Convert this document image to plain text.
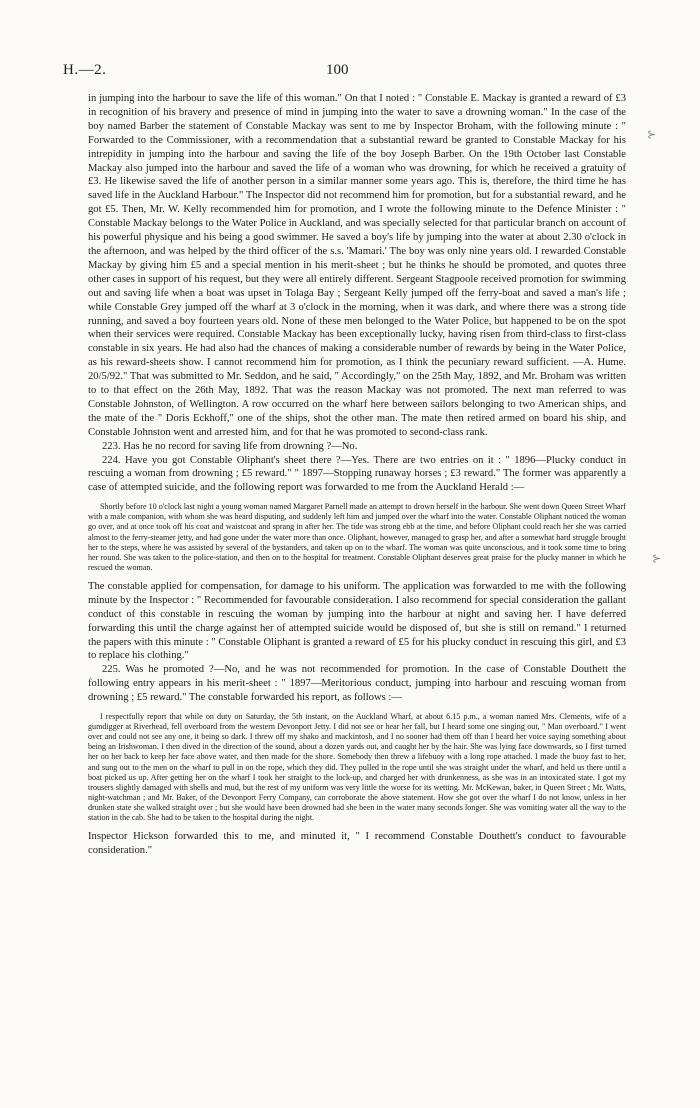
H.—2.	100
⊱
⊱

in jumping into the harbour to save the life of this woman." On that I noted : " Constable E. Mackay is granted a reward of £3 in recognition of his bravery and presence of mind in jumping into the water to save a drowning woman." In the case of the boy named Barber the statement of Constable Mackay was sent to me by Inspector Broham, with the following minute : " Forwarded to the Commissioner, with a recommendation that a substantial reward be granted to Constable Mackay for his intrepidity in jumping into the harbour and saving the life of the boy Joseph Barber. On the 19th October last Constable Mackay also jumped into the harbour and saved the life of a woman who was drowning, for which he received a gratuity of £3. He likewise saved the life of another person in a similar manner some years ago. This is, therefore, the third time he has saved life in the Auckland Harbour." The Inspector did not recommend him for promotion, but for a substantial reward, and he got £5. Then, Mr. W. Kelly recommended him for promotion, and I wrote the following minute to the Defence Minister : " Constable Mackay belongs to the Water Police in Auckland, and was specially selected for that particular branch on account of his powerful physique and his being a good swimmer. He saved a boy's life by jumping into the water at about 2.30 o'clock in the afternoon, and was helped by the third officer of the s.s. 'Mamari.' The boy was only nine years old. I rewarded Constable Mackay by giving him £5 and a special mention in his merit-sheet ; but he thinks he should be promoted, and quotes three other cases in support of his request, but they were all entirely different. Sergeant Stagpoole received promotion for swimming out and saving life when a boat was upset in Tolaga Bay ; Sergeant Kelly jumped off the ferry-boat and saved a man's life ; while Constable Grey jumped off the wharf at 3 o'clock in the morning, when it was dark, and where there was a strong tide running, and saved a boy fourteen years old. None of these men belonged to the Water Police, but happened to be on the spot when their services were required. Constable Mackay has been exceptionally lucky, having risen from third-class to first-class constable in six years. He had also had the chances of making a considerable number of rewards by being in the Water Police, as his reward-sheets show. I cannot recommend him for promotion, as I think the pecuniary reward sufficient. —A. Hume. 20/5/92." That was submitted to Mr. Seddon, and he said, " Accordingly," on the 25th May, 1892, and Mr. Broham was written to to that effect on the 26th May, 1892. That was the reason Mackay was not promoted. The next man referred to was Constable Johnston, of Wellington. A row occurred on the wharf here between sailors belonging to two American ships, and the mate of the " Doris Eckhoff," one of the ships, shot the other man. The mate then retired armed on board his ship, and Constable Johnston went and arrested him, and for that he was promoted to second-class rank.

223. Has he no record for saving life from drowning ?—No.

224. Have you got Constable Oliphant's sheet there ?—Yes. There are two entries on it : " 1896—Plucky conduct in rescuing a woman from drowning ; £5 reward." " 1897—Stopping runaway horses ; £3 reward." The former was apparently a case of attempted suicide, and the following report was forwarded to me from the Auckland Herald :—

Shortly before 10 o'clock last night a young woman named Margaret Parnell made an attempt to drown herself in the harbour. She went down Queen Street Wharf with a male companion, with whom she was heard disputing, and suddenly left him and jumped over the wharf into the water. Constable Oliphant noticed the woman go over, and at once took off his coat and waistcoat and sprang in after her. The tide was strong ebb at the time, and before Oliphant could reach her she was carried almost to the ferry-steamer jetty, and had gone under the water more than once. Oliphant, however, managed to grasp her, and after a somewhat hard struggle brought her to the steps, where he was assisted by several of the bystanders, and taken up on to the wharf. The woman was quite unconscious, and it took some time to bring her round. She was taken to the police-station, and then on to the hospital for treatment. Constable Oliphant deserves great praise for the plucky manner in which he rescued the woman.

The constable applied for compensation, for damage to his uniform. The application was forwarded to me with the following minute by the Inspector : " Recommended for favourable consideration. I also recommend for special consideration the gallant conduct of this constable in rescuing the woman by jumping into the harbour at night and saving her. I have deferred forwarding this until the charge against her of attempted suicide would be disposed of, but she is still on remand." I returned the papers with this minute : " Constable Oliphant is granted a reward of £5 for his plucky conduct in rescuing this girl, and £3 to replace his clothing."

225. Was he promoted ?—No, and he was not recommended for promotion. In the case of Constable Douthett the following entry appears in his merit-sheet : " 1897—Meritorious conduct, jumping into harbour and rescuing woman from drowning ; £5 reward." The constable forwarded his report, as follows :—

I respectfully report that while on duty on Saturday, the 5th instant, on the Auckland Wharf, at about 6.15 p.m., a woman named Mrs. Clements, wife of a gumdigger at Riverhead, fell overboard from the western Devonport Jetty. I did not see or hear her fall, but I heard some one singing out, " Man overboard." I went over and could not see any one, it being so dark. I threw off my shako and mackintosh, and I no sooner had them off than I heard her voice saying something about being an Irishwoman. I then dived in the direction of the sound, about a dozen yards out, and caught her by the hair. She was lying face downwards, so I first turned her on her back to keep her face above water, and then made for the shore. Somebody then threw a lifebuoy with a long rope attached. I made the buoy fast to her, and sung out to the men on the wharf to pull in on the rope, which they did. They pulled in the rope until she was straight under the wharf, and held us there until a boat picked us up. After getting her on the wharf I took her straight to the lock-up, and charged her with drunkenness, as she was in an intoxicated state. I got my trousers slightly damaged with shells and mud, but the rest of my uniform was very little the worse for its wetting. Mr. McKewan, baker, in Queen Street ; Mr. Watts, night-watchman ; and Mr. Baker, of the Devonport Ferry Company, can corroborate the above statement. How she got over the wharf I do not know, unless in her drunken state she walked straight over ; but she would have been drowned had she been in the water many seconds longer. She was vomiting water all the way to the station in the cab. She had to be taken to the hospital during the night.

Inspector Hickson forwarded this to me, and minuted it, " I recommend Constable Douthett's conduct to favourable consideration."
